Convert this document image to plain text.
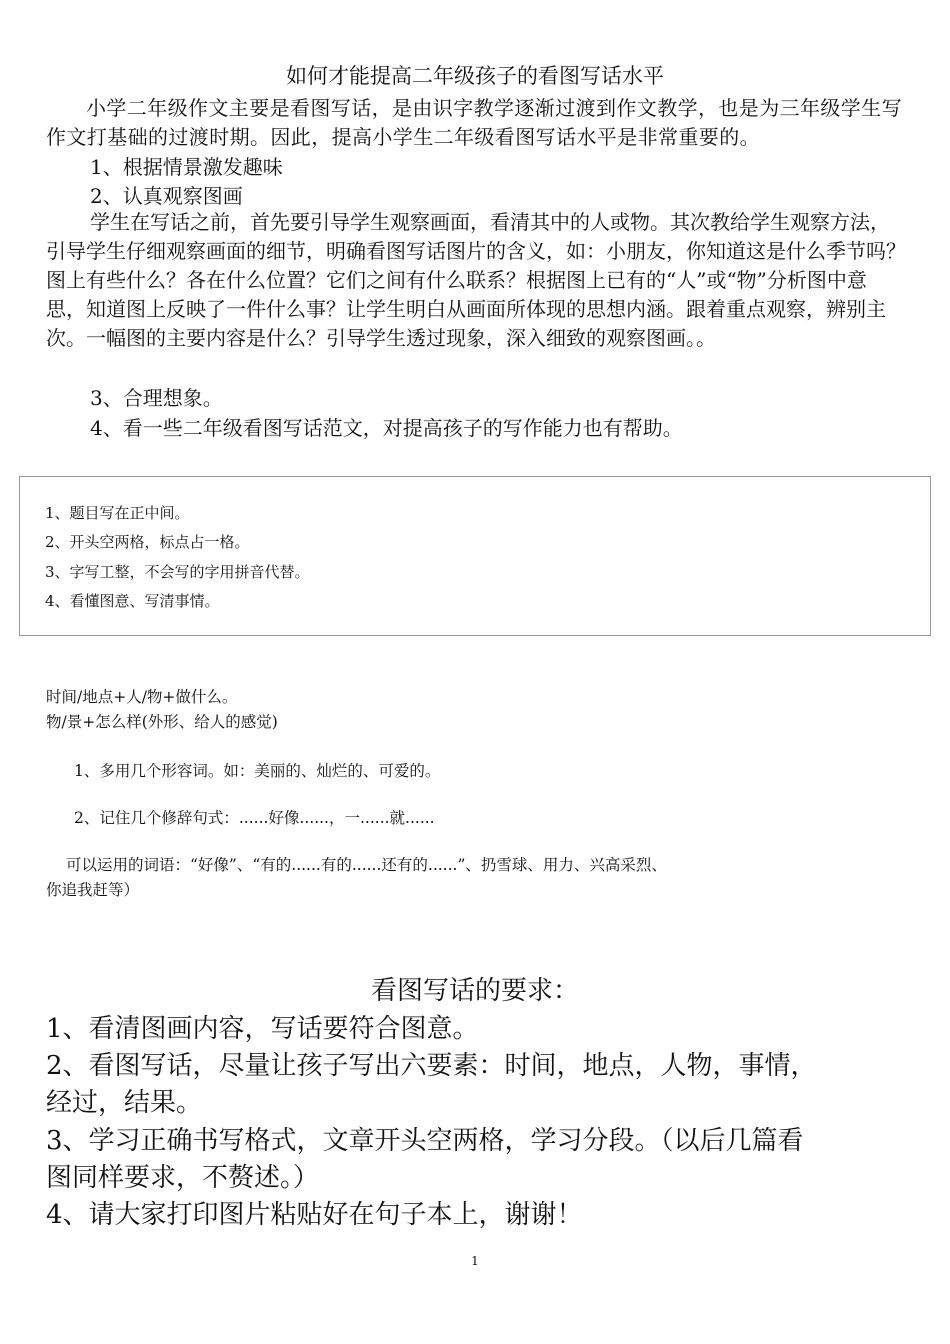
如何才能提高二年级孩子的看图写话水平
小学二年级作文主要是看图写话，是由识字教学逐渐过渡到作文教学，也是为三年级学生写作文打基础的过渡时期。因此，提高小学生二年级看图写话水平是非常重要的。
1、根据情景激发趣味
2、认真观察图画
学生在写话之前，首先要引导学生观察画面，看清其中的人或物。其次教给学生观察方法，引导学生仔细观察画面的细节，明确看图写话图片的含义，如：小朋友，你知道这是什么季节吗？图上有些什么？各在什么位置？它们之间有什么联系？根据图上已有的“人”或“物”分析图中意思，知道图上反映了一件什么事？让学生明白从画面所体现的思想内涵。跟着重点观察，辨别主次。一幅图的主要内容是什么？引导学生透过现象，深入细致的观察图画。。
3、合理想象。
4、看一些二年级看图写话范文，对提高孩子的写作能力也有帮助。
1、题目写在正中间。
2、开头空两格，标点占一格。
3、字写工整，不会写的字用拼音代替。
4、看懂图意、写清事情。
时间/地点+人/物+做什么。
物/景+怎么样(外形、给人的感觉)
1、多用几个形容词。如：美丽的、灿烂的、可爱的。
2、记住几个修辞句式：......好像......，一......就......
可以运用的词语：“好像”、“有的......有的......还有的......”、扔雪球、用力、兴高采烈、
你追我赶等）
看图写话的要求：
1、看清图画内容，写话要符合图意。
2、看图写话，尽量让孩子写出六要素：时间，地点，人物，事情，
经过，结果。
3、学习正确书写格式，文章开头空两格，学习分段。（以后几篇看
图同样要求，不赘述。）
4、请大家打印图片粘贴好在句子本上，谢谢！
1
